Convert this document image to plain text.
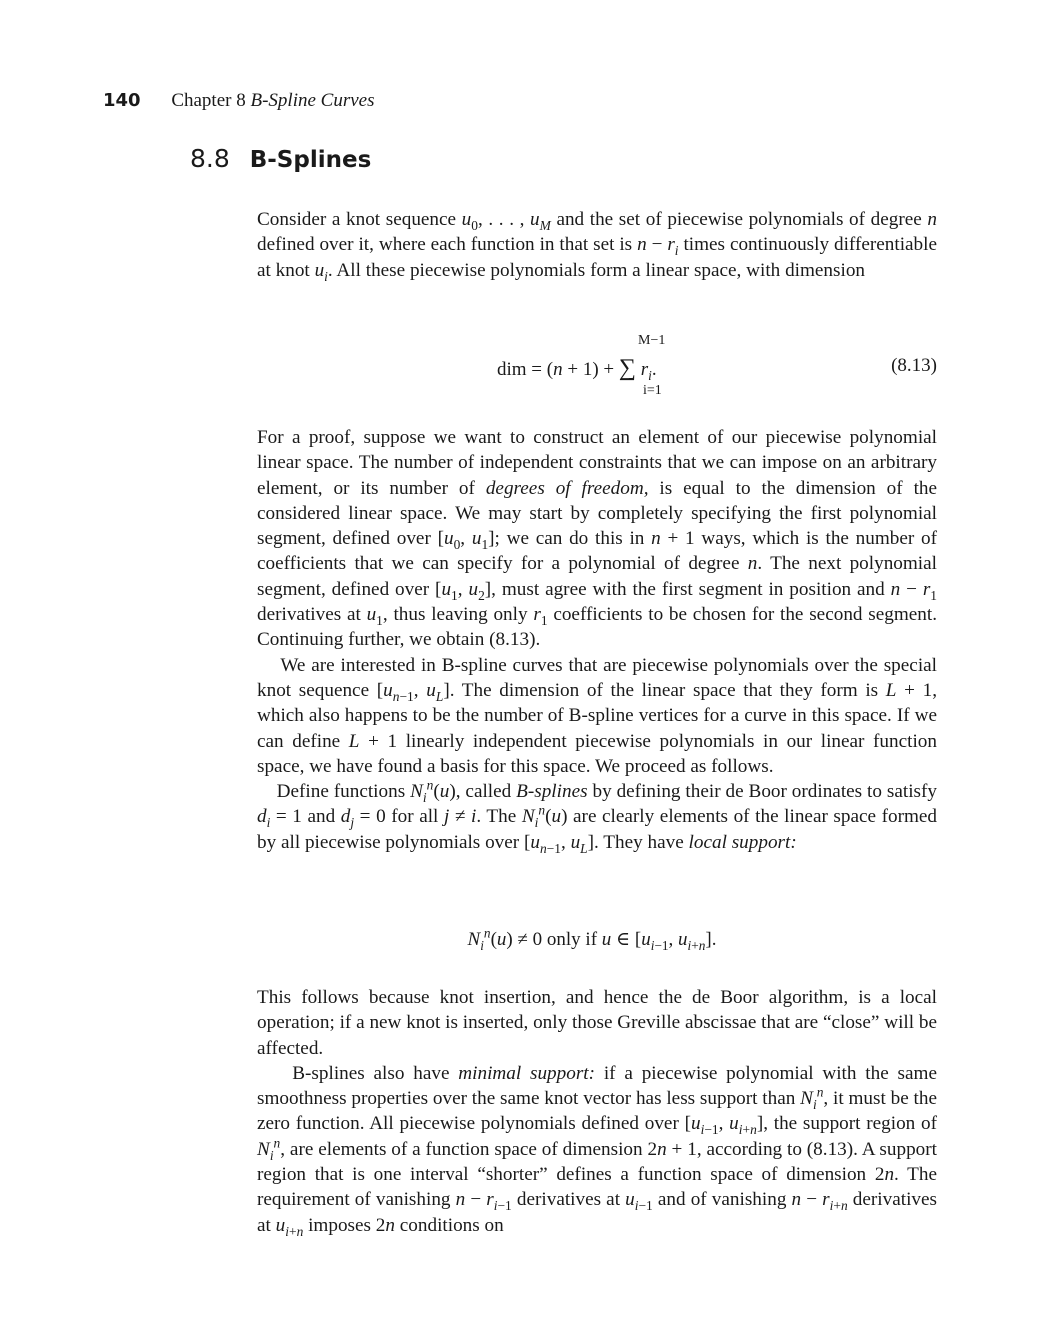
140 Chapter 8 B-Spline Curves
8.8 B-Splines

Consider a knot sequence $u_0$, . . . , $u_M$ and the set of piecewise polynomials of degree n defined over it, where each function in that set is $n - r_i$ times continuously differentiable at knot $u_i$. All these piecewise polynomials form a linear space, with dimension

M−1
dim = (n + 1) + ∑ $r_i$.
i=1
(8.13)

For a proof, suppose we want to construct an element of our piecewise polynomial linear space. The number of independent constraints that we can impose on an arbitrary element, or its number of degrees of freedom, is equal to the dimension of the considered linear space. We may start by completely specifying the first polynomial segment, defined over [$u_0$, $u_1$]; we can do this in n + 1 ways, which is the number of coefficients that we can specify for a polynomial of degree n. The next polynomial segment, defined over [$u_1$, $u_2$], must agree with the first segment in position and $n - r_1$ derivatives at $u_1$, thus leaving only $r_1$ coefficients to be chosen for the second segment. Continuing further, we obtain (8.13).

We are interested in B-spline curves that are piecewise polynomials over the special knot sequence [$u_{n-1}$, $u_L$]. The dimension of the linear space that they form is L + 1, which also happens to be the number of B-spline vertices for a curve in this space. If we can define L + 1 linearly independent piecewise polynomials in our linear function space, we have found a basis for this space. We proceed as follows.

Define functions $N_i^n(u)$, called B-splines by defining their de Boor ordinates to satisfy $d_i = 1$ and $d_j = 0$ for all j ≠ i. The $N_i^n(u)$ are clearly elements of the linear space formed by all piecewise polynomials over [$u_{n-1}$, $u_L$]. They have local support:

$N_i^n(u) \ne 0$ only if u ∈ [$u_{i-1}$, $u_{i+n}$].

This follows because knot insertion, and hence the de Boor algorithm, is a local operation; if a new knot is inserted, only those Greville abscissae that are “close” will be affected.

B-splines also have minimal support: if a piecewise polynomial with the same smoothness properties over the same knot vector has less support than $N_i^n$, it must be the zero function. All piecewise polynomials defined over [$u_{i-1}$, $u_{i+n}$], the support region of $N_i^n$, are elements of a function space of dimension 2n + 1, according to (8.13). A support region that is one interval “shorter” defines a function space of dimension 2n. The requirement of vanishing $n - r_{i-1}$ derivatives at $u_{i-1}$ and of vanishing $n - r_{i+n}$ derivatives at $u_{i+n}$ imposes 2n conditions on
